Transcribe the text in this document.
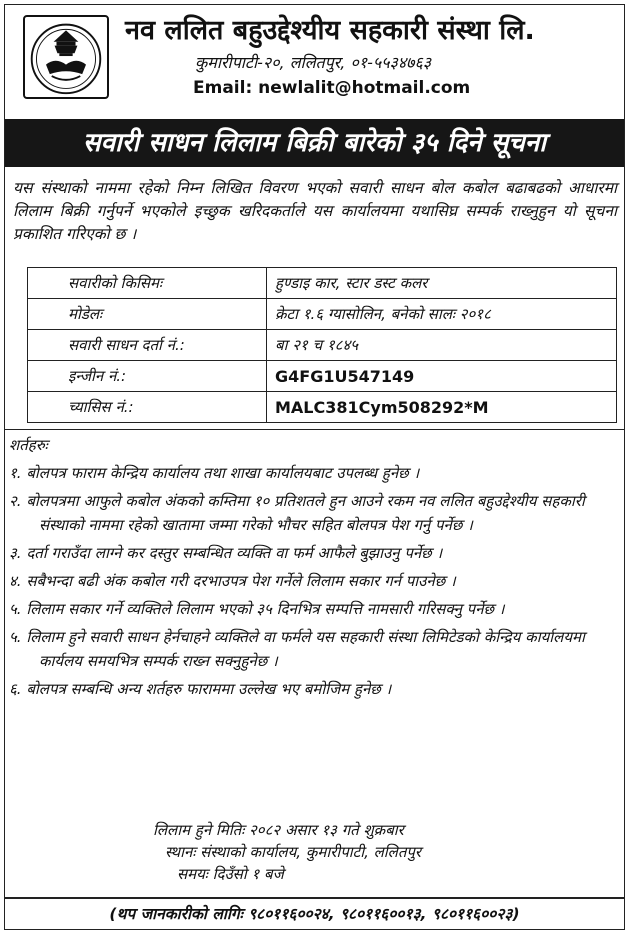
नव ललित बहुउद्देश्यीय सहकारी संस्था लि.
कुमारीपाटी-२०, ललितपुर, ०१-५५३४७६३
Email: newlalit@hotmail.com
सवारी साधन लिलाम बिक्री बारेको ३५ दिने सूचना
यस संस्थाको नाममा रहेको निम्न लिखित विवरण भएको सवारी साधन बोल कबोल बढाबढको आधारमा लिलाम बिक्री गर्नुपर्ने भएकोले इच्छुक खरिदकर्ताले यस कार्यालयमा यथासिघ्र सम्पर्क राख्नुहुन यो सूचना प्रकाशित गरिएको छ ।
सवारीको किसिमः	हुण्डाइ कार, स्टार डस्ट कलर
मोडेलः	क्रेटा १.६ ग्यासोलिन, बनेको सालः २०१८
सवारी साधन दर्ता नं.:	बा २१ च १८४५
इन्जीन नं.:	G4FG1U547149
च्यासिस नं.:	MALC381Cym508292*M
शर्तहरुः
१. बोलपत्र फाराम केन्द्रिय कार्यालय तथा शाखा कार्यालयबाट उपलब्ध हुनेछ ।
२. बोलपत्रमा आफुले कबोल अंकको कम्तिमा १० प्रतिशतले हुन आउने रकम नव ललित बहुउद्देश्यीय सहकारी संस्थाको नाममा रहेको खातामा जम्मा गरेको भौचर सहित बोलपत्र पेश गर्नु पर्नेछ ।
३. दर्ता गराउँदा लाग्ने कर दस्तुर सम्बन्धित व्यक्ति वा फर्म आफैले बुझाउनु पर्नेछ ।
४. सबैभन्दा बढी अंक कबोल गरी दरभाउपत्र पेश गर्नेले लिलाम सकार गर्न पाउनेछ ।
५. लिलाम सकार गर्ने व्यक्तिले लिलाम भएको ३५ दिनभित्र सम्पत्ति नामसारी गरिसक्नु पर्नेछ ।
५. लिलाम हुने सवारी साधन हेर्नचाहने व्यक्तिले वा फर्मले यस सहकारी संस्था लिमिटेडको केन्द्रिय कार्यालयमा कार्यलय समयभित्र सम्पर्क राख्न सक्नुहुनेछ ।
६. बोलपत्र सम्बन्धि अन्य शर्तहरु फाराममा उल्लेख भए बमोजिम हुनेछ ।
लिलाम हुने मितिः २०८२ असार १३ गते शुक्रबार
स्थानः संस्थाको कार्यालय, कुमारीपाटी, ललितपुर
समयः दिउँसो १ बजे
(थप जानकारीको लागिः ९८०११६००२४, ९८०११६००१३, ९८०११६००२३)
